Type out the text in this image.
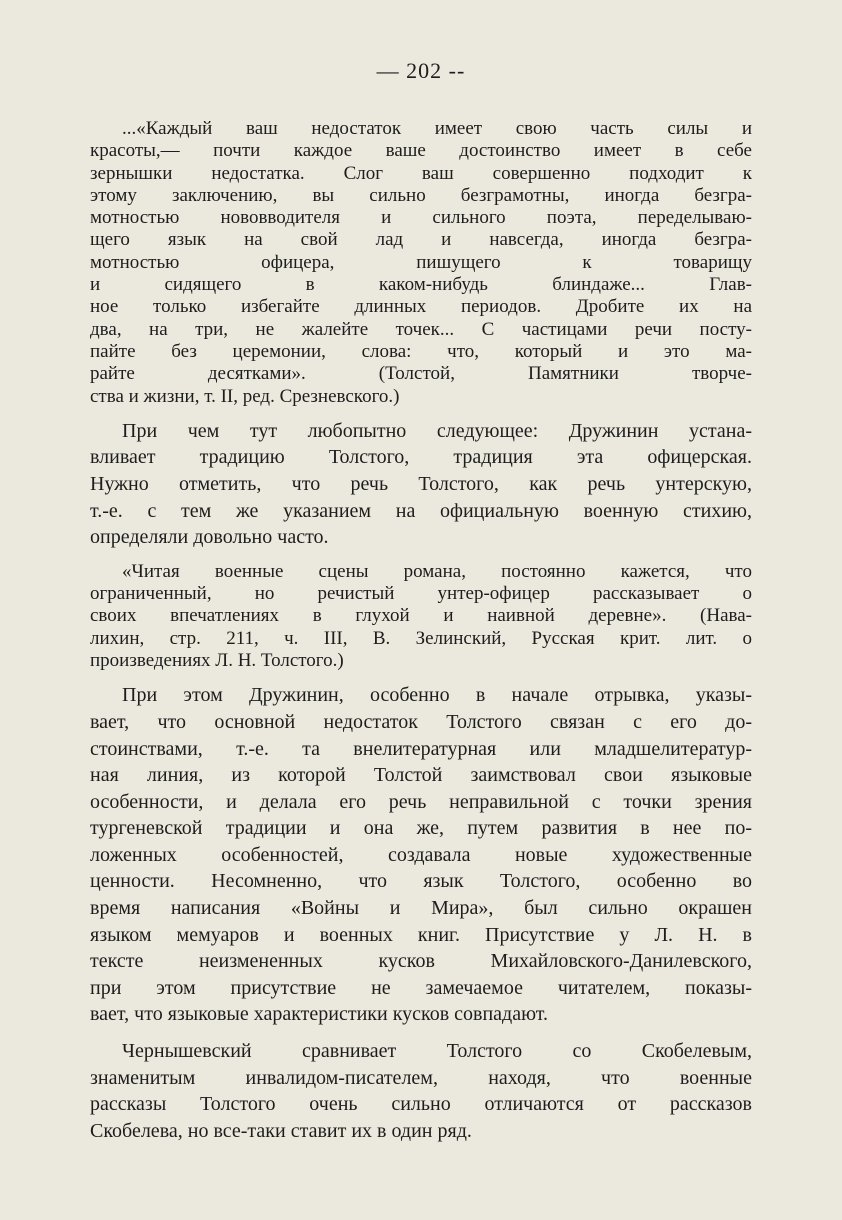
— 202 --
...«Каждый ваш недостаток имеет свою часть силы и
красоты,— почти каждое ваше достоинство имеет в себе
зернышки недостатка. Слог ваш совершенно подходит к
этому заключению, вы сильно безграмотны, иногда безгра-
мотностью нововводителя и сильного поэта, переделываю-
щего язык на свой лад и навсегда, иногда безгра-
мотностью офицера, пишущего к товарищу
и сидящего в каком-нибудь блиндаже... Глав-
ное только избегайте длинных периодов. Дробите их на
два, на три, не жалейте точек... С частицами речи посту-
пайте без церемонии, слова: что, который и это ма-
райте десятками». (Толстой, Памятники творче-
ства и жизни, т. II, ред. Срезневского.)
При чем тут любопытно следующее: Дружинин устана-
вливает традицию Толстого, традиция эта офицерская.
Нужно отметить, что речь Толстого, как речь унтерскую,
т.-е. с тем же указанием на официальную военную стихию,
определяли довольно часто.
«Читая военные сцены романа, постоянно кажется, что
ограниченный, но речистый унтер-офицер рассказывает о
своих впечатлениях в глухой и наивной деревне». (Нава-
лихин, стр. 211, ч. III, В. Зелинский, Русская крит. лит. о
произведениях Л. Н. Толстого.)
При этом Дружинин, особенно в начале отрывка, указы-
вает, что основной недостаток Толстого связан с его до-
стоинствами, т.-е. та внелитературная или младшелитератур-
ная линия, из которой Толстой заимствовал свои языковые
особенности, и делала его речь неправильной с точки зрения
тургеневской традиции и она же, путем развития в нее по-
ложенных особенностей, создавала новые художественные
ценности. Несомненно, что язык Толстого, особенно во
время написания «Войны и Мира», был сильно окрашен
языком мемуаров и военных книг. Присутствие у Л. Н. в
тексте неизмененных кусков Михайловского-Данилевского,
при этом присутствие не замечаемое читателем, показы-
вает, что языковые характеристики кусков совпадают.
Чернышевский сравнивает Толстого со Скобелевым,
знаменитым инвалидом-писателем, находя, что военные
рассказы Толстого очень сильно отличаются от рассказов
Скобелева, но все-таки ставит их в один ряд.
